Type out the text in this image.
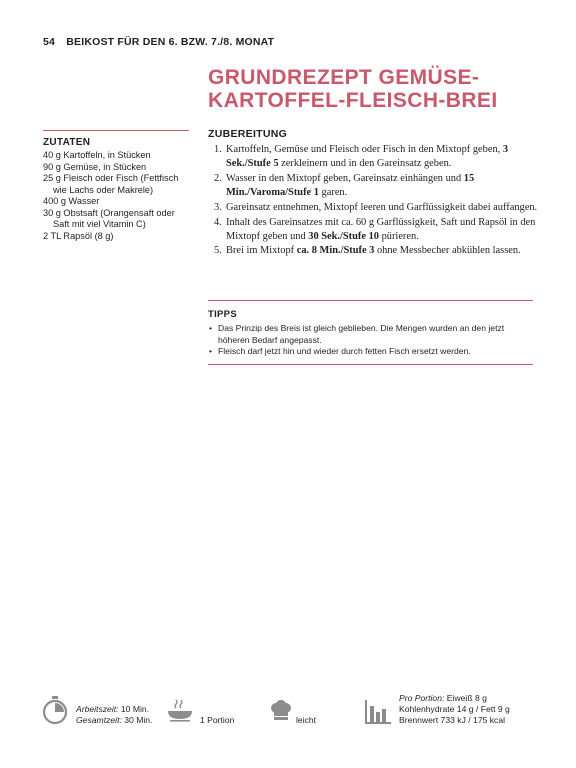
54 BEIKOST FÜR DEN 6. BZW. 7./8. MONAT
GRUNDREZEPT GEMÜSE-
KARTOFFEL-FLEISCH-BREI
ZUTATEN
40 g Kartoffeln, in Stücken
90 g Gemüse, in Stücken
25 g Fleisch oder Fisch (Fettfisch wie Lachs oder Makrele)
400 g Wasser
30 g Obstsaft (Orangensaft oder Saft mit viel Vitamin C)
2 TL Rapsöl (8 g)
ZUBEREITUNG
1. Kartoffeln, Gemüse und Fleisch oder Fisch in den Mixtopf geben, 3 Sek./Stufe 5 zerkleinern und in den Gareinsatz geben.
2. Wasser in den Mixtopf geben, Gareinsatz einhängen und 15 Min./Varoma/Stufe 1 garen.
3. Gareinsatz entnehmen, Mixtopf leeren und Garflüssigkeit dabei auffangen.
4. Inhalt des Gareinsatzes mit ca. 60 g Garflüssigkeit, Saft und Rapsöl in den Mixtopf geben und 30 Sek./Stufe 10 pürieren.
5. Brei im Mixtopf ca. 8 Min./Stufe 3 ohne Messbecher abkühlen lassen.
TIPPS
• Das Prinzip des Breis ist gleich geblieben. Die Mengen wurden an den jetzt höheren Bedarf angepasst.
• Fleisch darf jetzt hin und wieder durch fetten Fisch ersetzt werden.
Arbeitszeit: 10 Min.
Gesamtzeit: 30 Min.	1 Portion	leicht
Pro Portion: Eiweiß 8 g
Kohlenhydrate 14 g / Fett 9 g
Brennwert 733 kJ / 175 kcal
